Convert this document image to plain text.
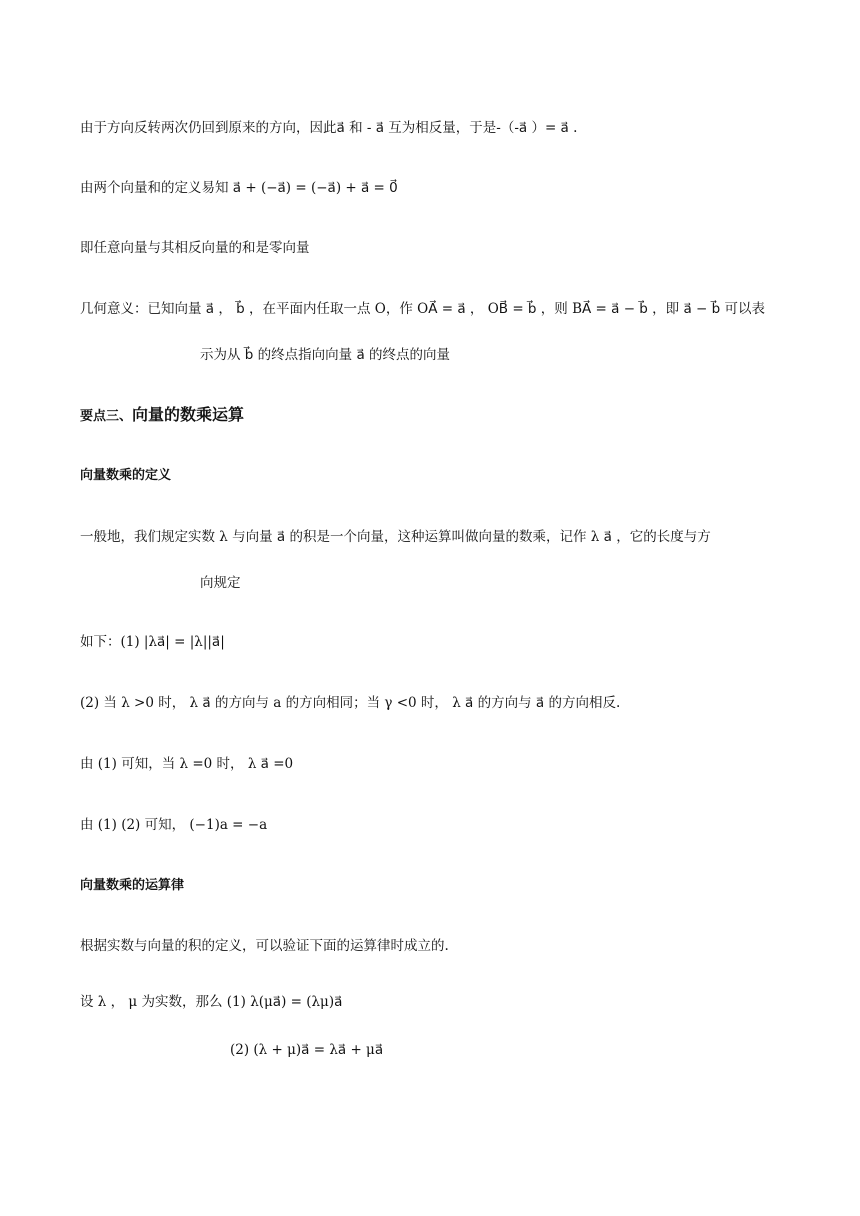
由于方向反转两次仍回到原来的方向，因此a⃗ 和 - a⃗ 互为相反量，于是-（-a⃗ ）= a⃗ .
由两个向量和的定义易知 a⃗ + (−a⃗) = (−a⃗) + a⃗ = 0⃗
即任意向量与其相反向量的和是零向量
几何意义：已知向量 a⃗ ， b⃗ ，在平面内任取一点 O，作 OA⃗ = a⃗ ， OB⃗ = b⃗ ，则 BA⃗ = a⃗ − b⃗ ，即 a⃗ − b⃗ 可以表
示为从 b⃗ 的终点指向向量 a⃗ 的终点的向量
要点三、向量的数乘运算
向量数乘的定义
一般地，我们规定实数 λ 与向量 a⃗ 的积是一个向量，这种运算叫做向量的数乘，记作 λ a⃗ ，它的长度与方
向规定
如下：(1) |λa⃗| = |λ||a⃗|
(2) 当 λ >0 时， λ a⃗ 的方向与 a 的方向相同；当 γ <0 时， λ a⃗ 的方向与 a⃗ 的方向相反.
由 (1) 可知，当 λ =0 时， λ a⃗ =0
由 (1) (2) 可知， (−1)a = −a
向量数乘的运算律
根据实数与向量的积的定义，可以验证下面的运算律时成立的.
设 λ ， μ 为实数，那么 (1) λ(μa⃗) = (λμ)a⃗
(2) (λ + μ)a⃗ = λa⃗ + μa⃗
